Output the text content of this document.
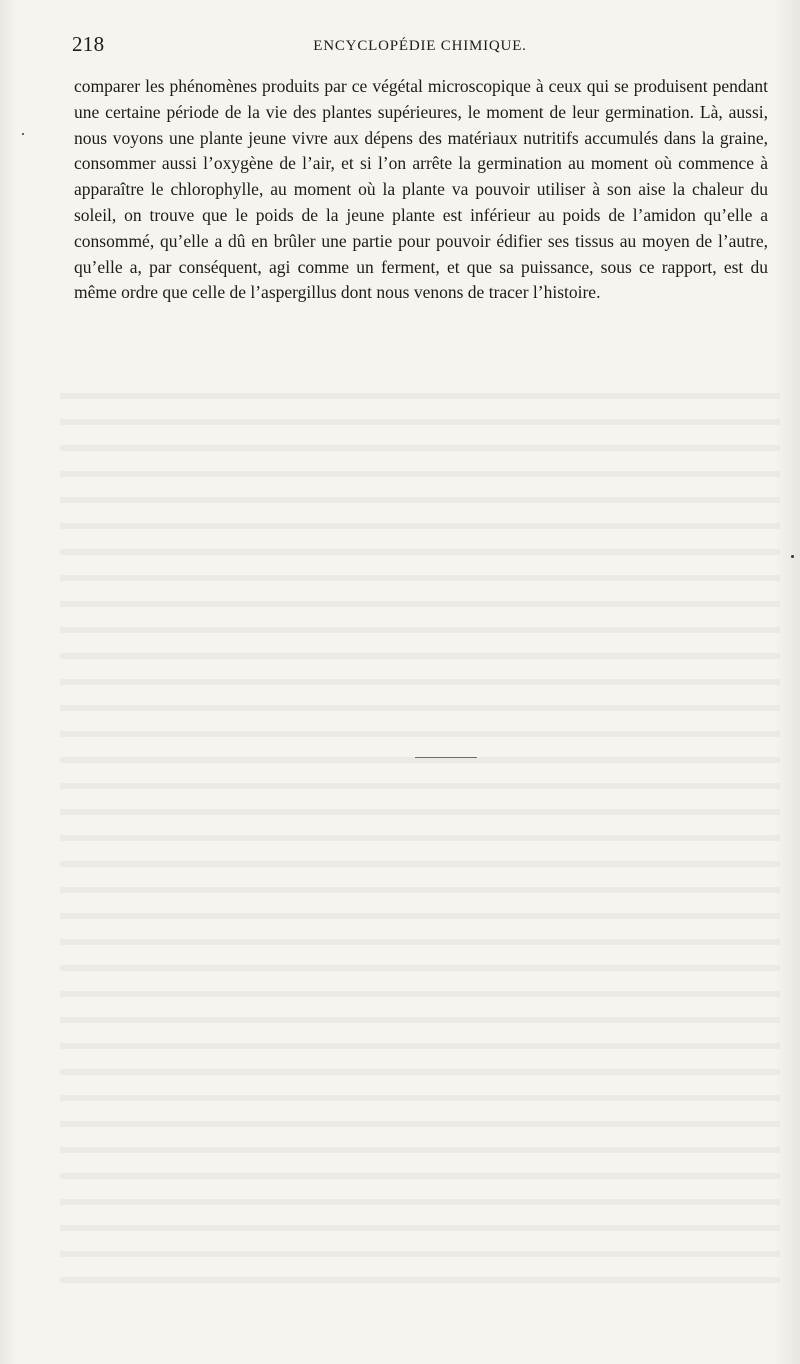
218	ENCYCLOPÉDIE CHIMIQUE.

comparer les phénomènes produits par ce végétal microscopique à ceux qui se produisent pendant une certaine période de la vie des plantes supérieures, le moment de leur germination. Là, aussi, nous voyons une plante jeune vivre aux dépens des matériaux nutritifs accumulés dans la graine, consommer aussi l’oxygène de l’air, et si l’on arrête la germination au moment où commence à apparaître le chlorophylle, au moment où la plante va pouvoir utiliser à son aise la chaleur du soleil, on trouve que le poids de la jeune plante est inférieur au poids de l’amidon qu’elle a consommé, qu’elle a dû en brûler une partie pour pouvoir édifier ses tissus au moyen de l’autre, qu’elle a, par conséquent, agi comme un ferment, et que sa puissance, sous ce rapport, est du même ordre que celle de l’aspergillus dont nous venons de tracer l’histoire.
